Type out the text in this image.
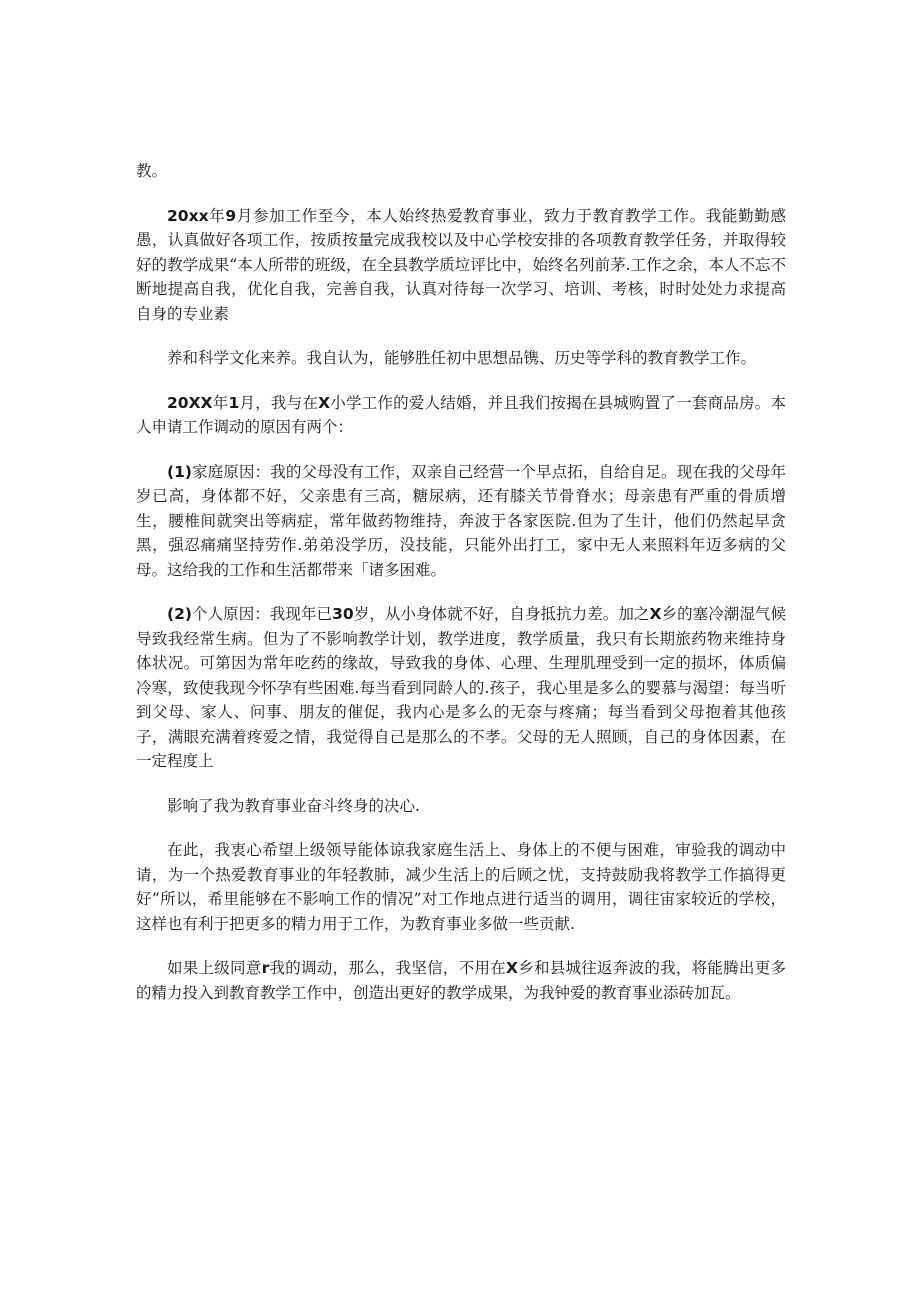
教。

20xx年9月参加工作至今，本人始终热爱教育事业，致力于教育教学工作。我能勤勤感愚，认真做好各项工作，按质按量完成我校以及中心学校安排的各项教育教学任务，并取得较好的教学成果“本人所带的班级，在全县教学质垃评比中，始终名列前茅.工作之余，本人不忘不断地提高自我，优化自我，完善自我，认真对待每一次学习、培训、考核，时时处处力求提高自身的专业素

养和科学文化来养。我自认为，能够胜任初中思想品镌、历史等学科的教育教学工作。

20XX年1月，我与在X小学工作的爱人结婚，并且我们按揭在县城购置了一套商品房。本人申请工作调动的原因有两个：

(1)家庭原因：我的父母没有工作，双亲自己经营一个早点拓，自给自足。现在我的父母年岁已高，身体都不好，父亲患有三高，糖尿病，还有膝关节骨脊水；母亲患有严重的骨质增生，腰椎间就突出等病症，常年做药物维持，奔波于各家医院.但为了生计，他们仍然起早贪黑，强忍痛痛坚持劳作.弟弟没学历，没技能，只能外出打工，家中无人来照料年迈多病的父母。这给我的工作和生活都带来「诸多困难。

(2)个人原因：我现年已30岁，从小身体就不好，自身抵抗力差。加之X乡的塞冷潮湿气候导致我经常生病。但为了不影响教学计划，教学进度，教学质量，我只有长期旅药物来维持身体状况。可第因为常年吃药的缘故，导致我的身体、心理、生理肌理受到一定的损坏，体质偏冷寒，致使我现今怀孕有些困难.每当看到同龄人的.孩子，我心里是多么的婴慕与渴望：每当听到父母、家人、问事、朋友的催促，我内心是多么的无奈与疼痛；每当看到父母抱着其他孩子，满眼充满着疼爱之情，我觉得自己是那么的不孝。父母的无人照顾，自己的身体因素，在一定程度上

影响了我为教育事业奋斗终身的决心.

在此，我衷心希望上级领导能体谅我家庭生活上、身体上的不便与困难，审验我的调动中请，为一个热爱教育事业的年轻教肺，减少生活上的后顾之忧，支持鼓励我将教学工作搞得更好”所以，希里能够在不影响工作的情况”对工作地点进行适当的调用，调往宙家较近的学校，这样也有利于把更多的精力用于工作，为教育事业多做一些贡献.

如果上级同意r我的调动，那么，我坚信，不用在X乡和县城往返奔波的我，将能腾出更多的精力投入到教育教学工作中，创造出更好的教学成果，为我钟爱的教育事业添砖加瓦。
